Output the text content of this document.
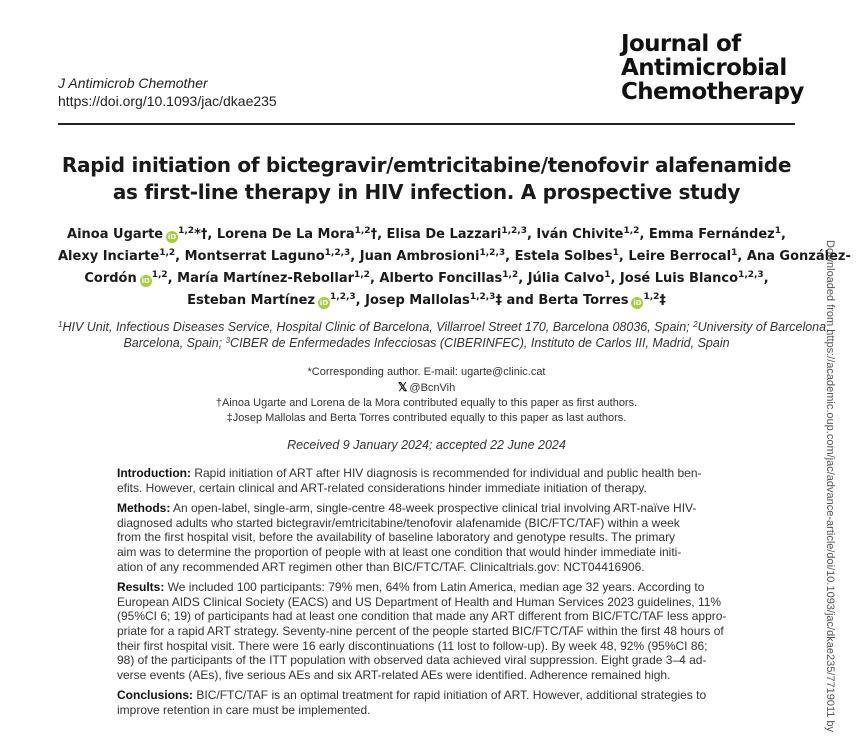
J Antimicrob Chemother
https://doi.org/10.1093/jac/dkae235
Journal of
Antimicrobial
Chemotherapy
Rapid initiation of bictegravir/emtricitabine/tenofovir alafenamide
as first-line therapy in HIV infection. A prospective study
Ainoa Ugarte iD$^{1,2}$*†, Lorena De La Mora$^{1,2}$†, Elisa De Lazzari$^{1,2,3}$, Iván Chivite$^{1,2}$, Emma Fernández$^1$,
Alexy Inciarte$^{1,2}$, Montserrat Laguno$^{1,2,3}$, Juan Ambrosioni$^{1,2,3}$, Estela Solbes$^1$, Leire Berrocal$^1$, Ana González-
Cordón iD$^{1,2}$, María Martínez-Rebollar$^{1,2}$, Alberto Foncillas$^{1,2}$, Júlia Calvo$^1$, José Luis Blanco$^{1,2,3}$,
Esteban Martínez iD$^{1,2,3}$, Josep Mallolas$^{1,2,3}$‡ and Berta Torres iD$^{1,2}$‡
$^1$HIV Unit, Infectious Diseases Service, Hospital Clinic of Barcelona, Villarroel Street 170, Barcelona 08036, Spain; $^2$University of Barcelona,
Barcelona, Spain; $^3$CIBER de Enfermedades Infecciosas (CIBERINFEC), Instituto de Carlos III, Madrid, Spain
*Corresponding author. E-mail: ugarte@clinic.cat
𝕏 @BcnVih
†Ainoa Ugarte and Lorena de la Mora contributed equally to this paper as first authors.
‡Josep Mallolas and Berta Torres contributed equally to this paper as last authors.
Received 9 January 2024; accepted 22 June 2024
Introduction: Rapid initiation of ART after HIV diagnosis is recommended for individual and public health ben-
efits. However, certain clinical and ART-related considerations hinder immediate initiation of therapy.
Methods: An open-label, single-arm, single-centre 48-week prospective clinical trial involving ART-naïve HIV-
diagnosed adults who started bictegravir/emtricitabine/tenofovir alafenamide (BIC/FTC/TAF) within a week
from the first hospital visit, before the availability of baseline laboratory and genotype results. The primary
aim was to determine the proportion of people with at least one condition that would hinder immediate initi-
ation of any recommended ART regimen other than BIC/FTC/TAF. Clinicaltrials.gov: NCT04416906.
Results: We included 100 participants: 79% men, 64% from Latin America, median age 32 years. According to
European AIDS Clinical Society (EACS) and US Department of Health and Human Services 2023 guidelines, 11%
(95%CI 6; 19) of participants had at least one condition that made any ART different from BIC/FTC/TAF less appro-
priate for a rapid ART strategy. Seventy-nine percent of the people started BIC/FTC/TAF within the first 48 hours of
their first hospital visit. There were 16 early discontinuations (11 lost to follow-up). By week 48, 92% (95%CI 86;
98) of the participants of the ITT population with observed data achieved viral suppression. Eight grade 3–4 ad-
verse events (AEs), five serious AEs and six ART-related AEs were identified. Adherence remained high.
Conclusions: BIC/FTC/TAF is an optimal treatment for rapid initiation of ART. However, additional strategies to
improve retention in care must be implemented.	Downloaded from https://academic.oup.com/jac/advance-article/doi/10.1093/jac/dkae235/7719011 by
